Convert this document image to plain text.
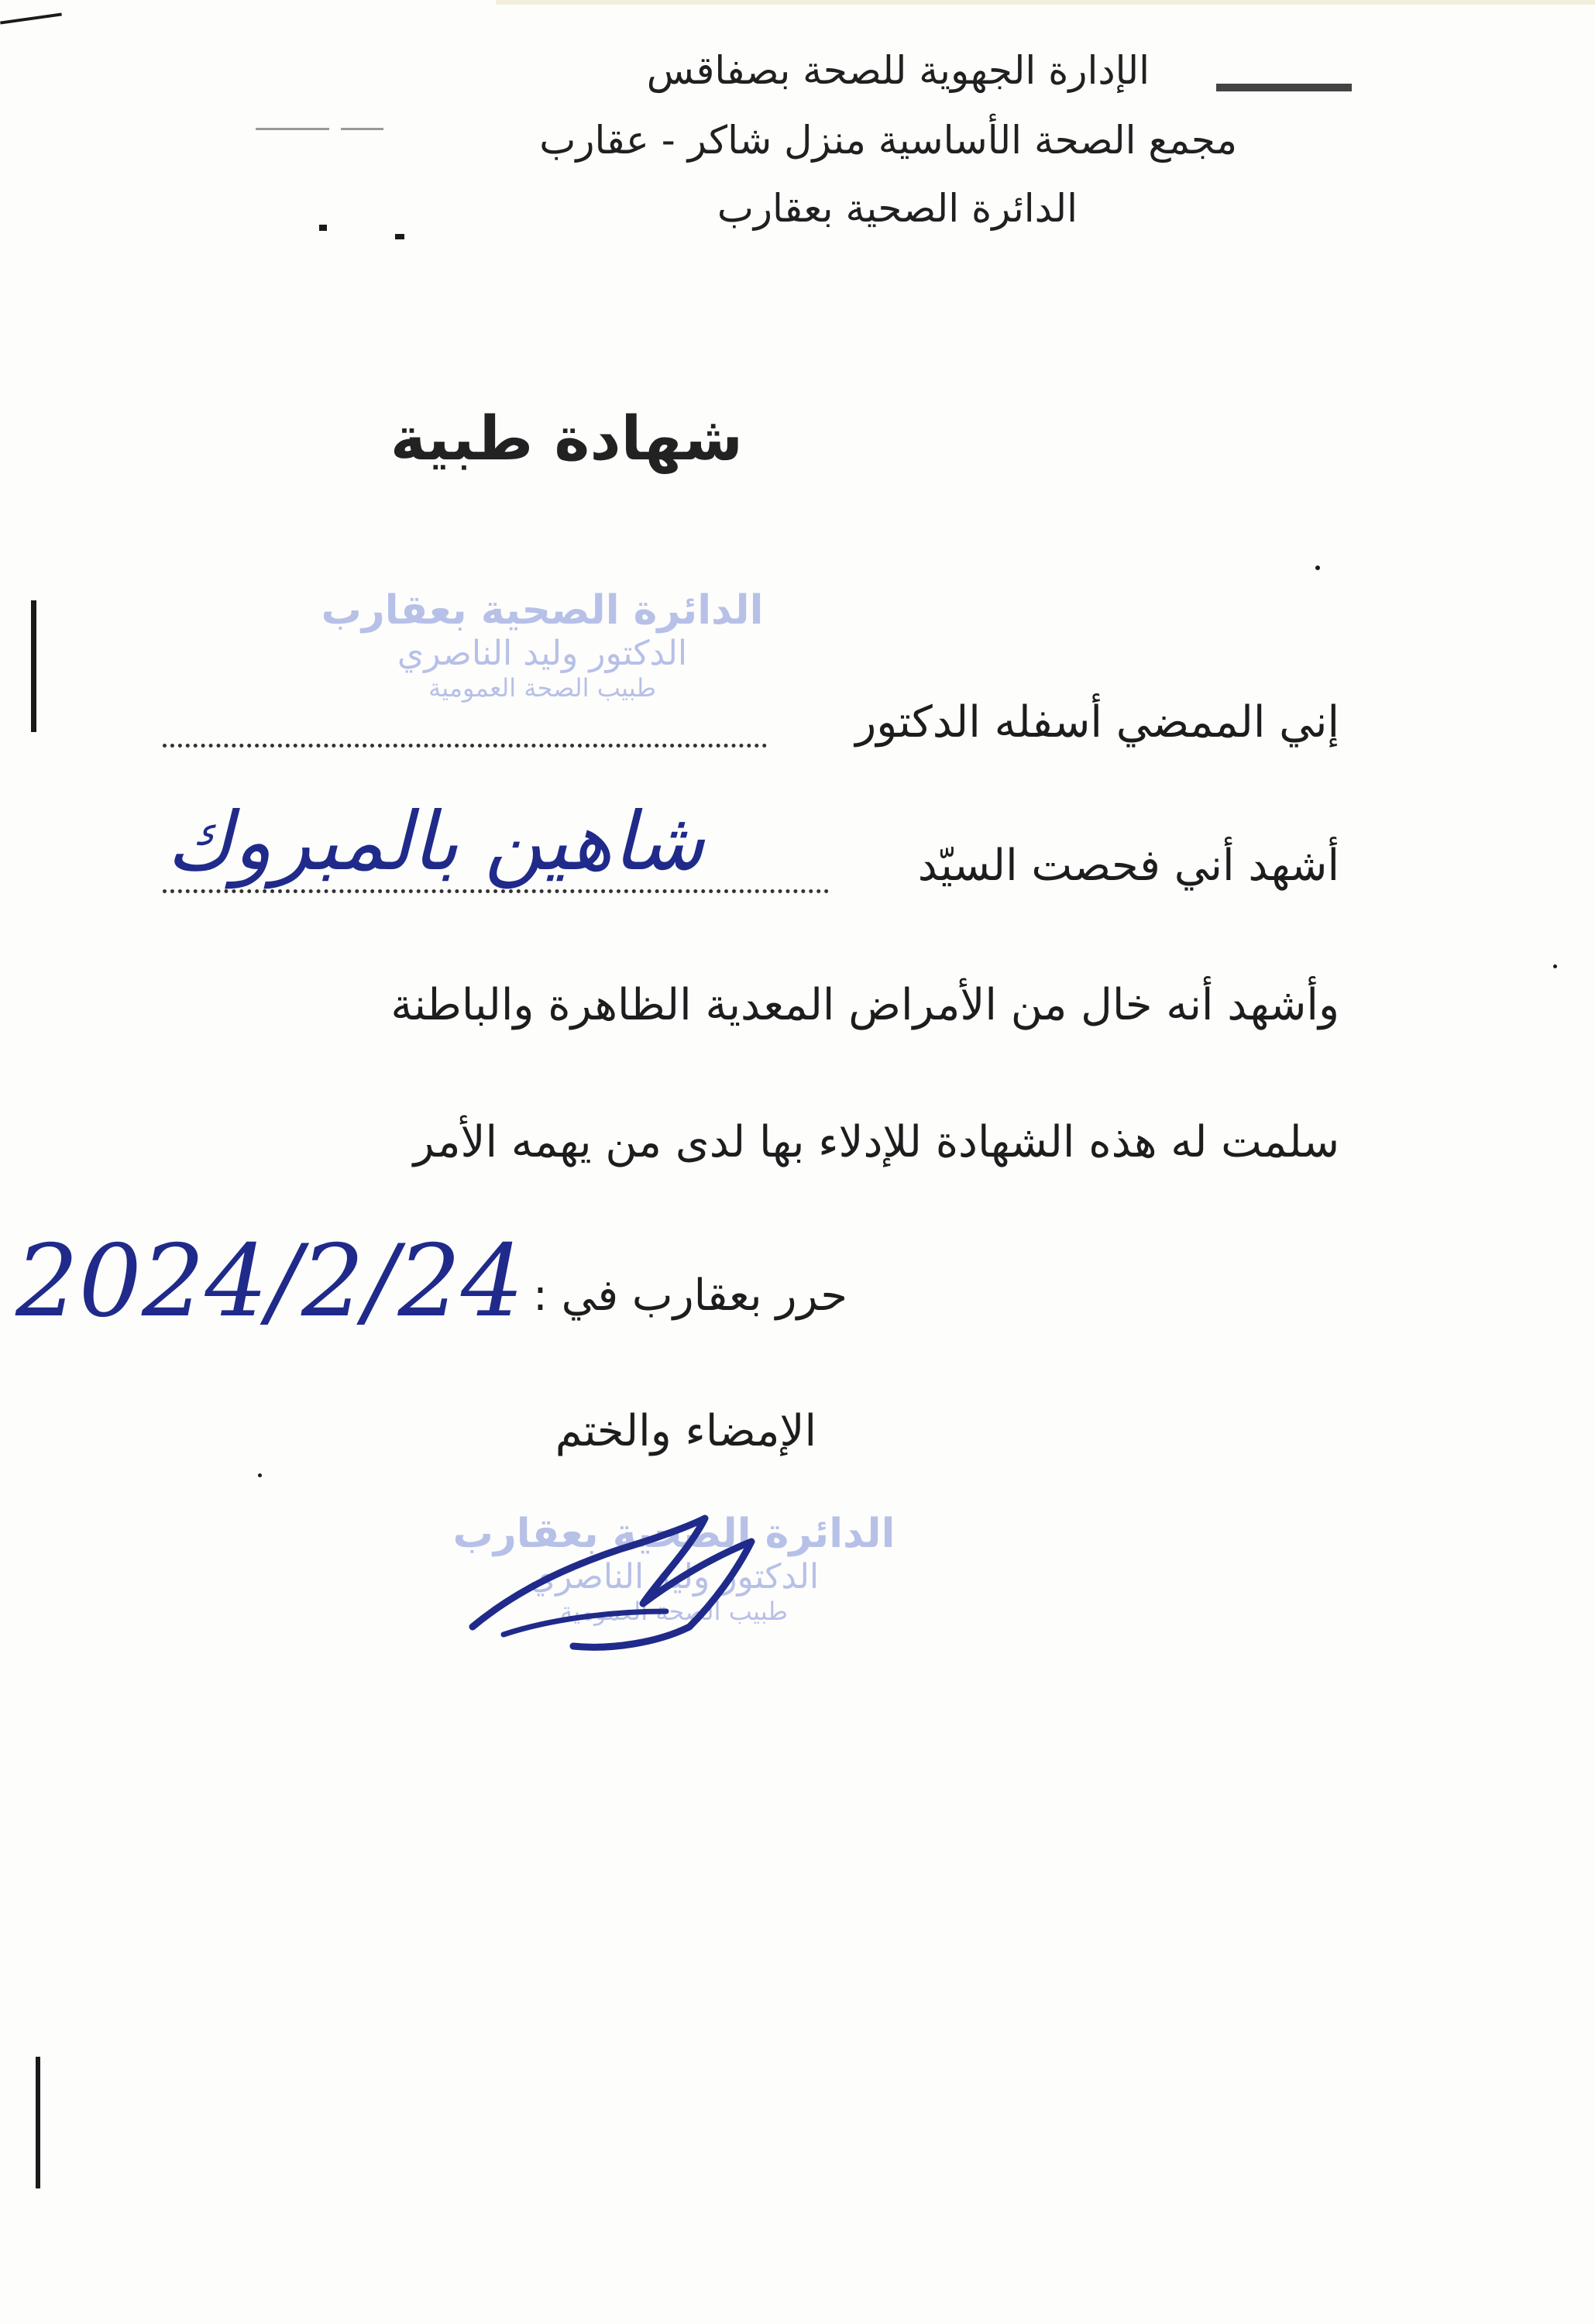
الإدارة الجهوية للصحة بصفاقس
مجمع الصحة الأساسية منزل شاكر - عقارب
الدائرة الصحية بعقارب
شهادة طبية
الدائرة الصحية بعقارب
الدكتور وليد الناصري
طبيب الصحة العمومية
إني الممضي أسفله الدكتور
أشهد أني فحصت السيّد
شاهين بالمبروك
وأشهد أنه خال من الأمراض المعدية الظاهرة والباطنة
سلمت له هذه الشهادة للإدلاء بها لدى من يهمه الأمر
حرر بعقارب في :
2024/2/24
الإمضاء والختم
الدائرة الصحية بعقارب
الدكتور وليد الناصري
طبيب الصحة العمومية
